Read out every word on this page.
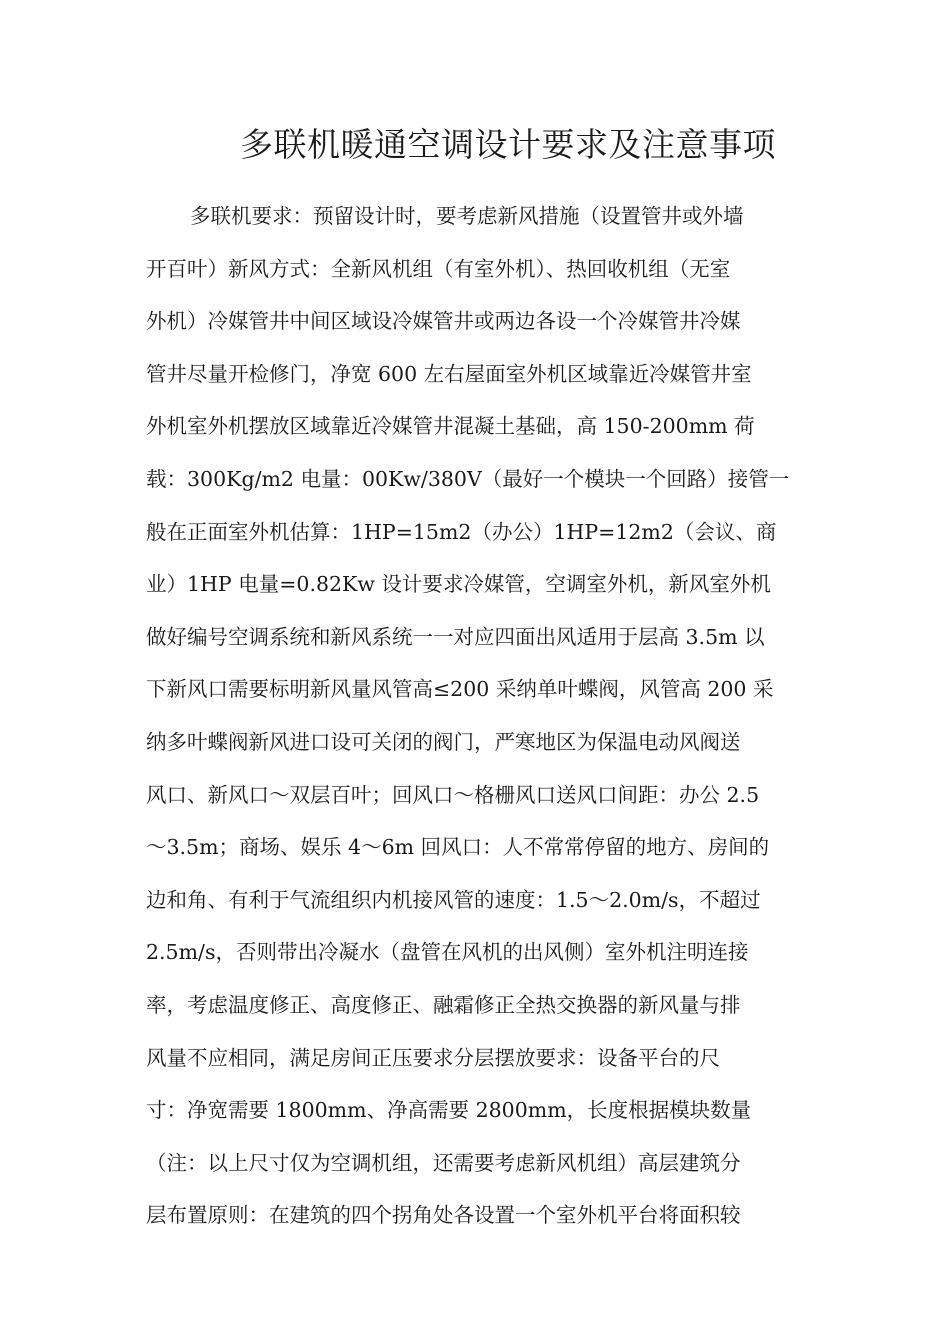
多联机暖通空调设计要求及注意事项
多联机要求：预留设计时，要考虑新风措施（设置管井或外墙
开百叶）新风方式：全新风机组（有室外机）、热回收机组（无室
外机）冷媒管井中间区域设冷媒管井或两边各设一个冷媒管井冷媒
管井尽量开检修门，净宽 600 左右屋面室外机区域靠近冷媒管井室
外机室外机摆放区域靠近冷媒管井混凝土基础，高 150-200mm 荷
载：300Kg/m2 电量：00Kw/380V（最好一个模块一个回路）接管一
般在正面室外机估算：1HP=15m2（办公）1HP=12m2（会议、商
业）1HP 电量=0.82Kw 设计要求冷媒管，空调室外机，新风室外机
做好编号空调系统和新风系统一一对应四面出风适用于层高 3.5m 以
下新风口需要标明新风量风管高≤200 采纳单叶蝶阀，风管高 200 采
纳多叶蝶阀新风进口设可关闭的阀门，严寒地区为保温电动风阀送
风口、新风口～双层百叶；回风口～格栅风口送风口间距：办公 2.5
～3.5m；商场、娱乐 4～6m 回风口：人不常常停留的地方、房间的
边和角、有利于气流组织内机接风管的速度：1.5～2.0m/s，不超过
2.5m/s，否则带出冷凝水（盘管在风机的出风侧）室外机注明连接
率，考虑温度修正、高度修正、融霜修正全热交换器的新风量与排
风量不应相同，满足房间正压要求分层摆放要求：设备平台的尺
寸：净宽需要 1800mm、净高需要 2800mm，长度根据模块数量
（注：以上尺寸仅为空调机组，还需要考虑新风机组）高层建筑分
层布置原则：在建筑的四个拐角处各设置一个室外机平台将面积较
